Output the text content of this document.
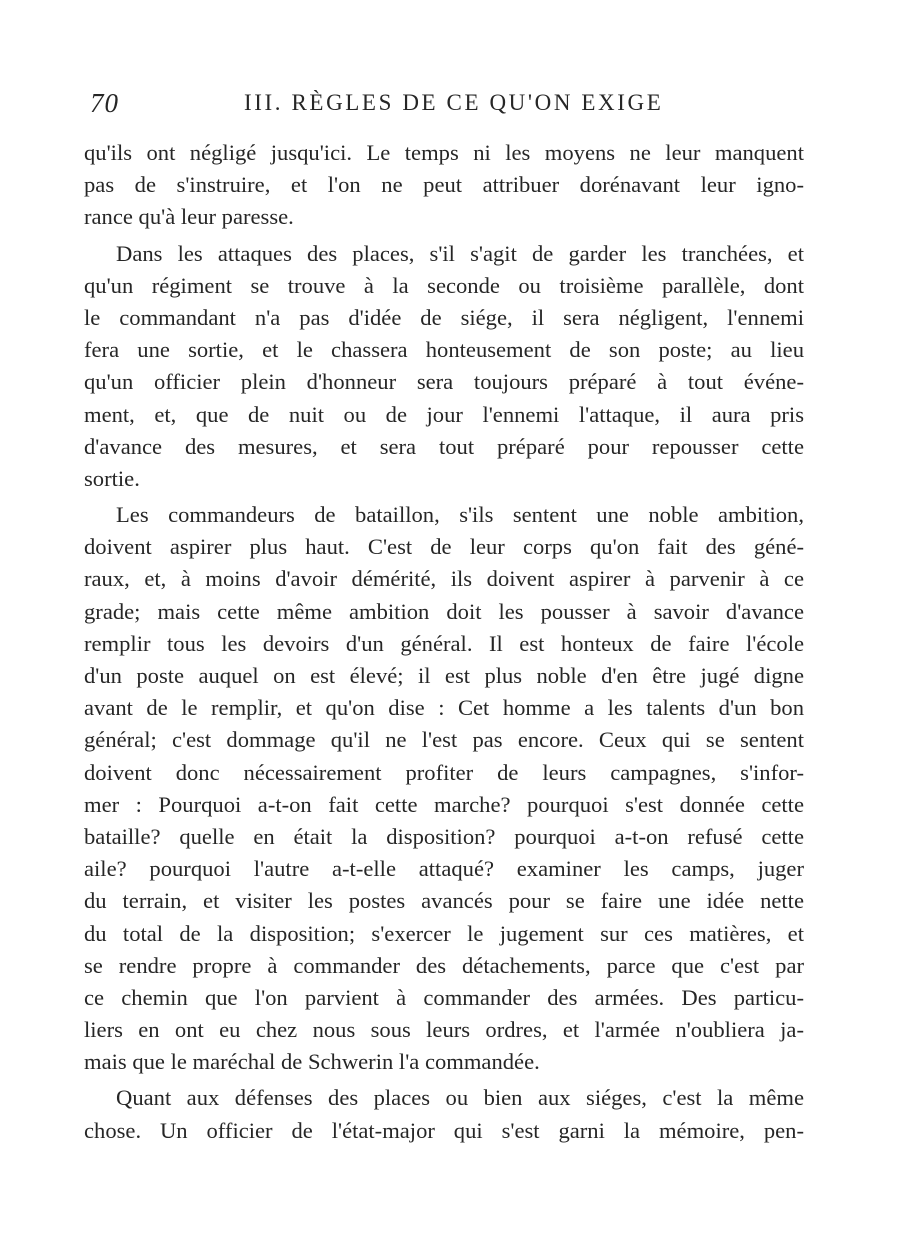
70	III. RÈGLES DE CE QU'ON EXIGE
qu'ils ont négligé jusqu'ici. Le temps ni les moyens ne leur manquent
pas de s'instruire, et l'on ne peut attribuer dorénavant leur igno-
rance qu'à leur paresse.
Dans les attaques des places, s'il s'agit de garder les tranchées, et
qu'un régiment se trouve à la seconde ou troisième parallèle, dont
le commandant n'a pas d'idée de siége, il sera négligent, l'ennemi
fera une sortie, et le chassera honteusement de son poste; au lieu
qu'un officier plein d'honneur sera toujours préparé à tout événe-
ment, et, que de nuit ou de jour l'ennemi l'attaque, il aura pris
d'avance des mesures, et sera tout préparé pour repousser cette
sortie.
Les commandeurs de bataillon, s'ils sentent une noble ambition,
doivent aspirer plus haut. C'est de leur corps qu'on fait des géné-
raux, et, à moins d'avoir démérité, ils doivent aspirer à parvenir à ce
grade; mais cette même ambition doit les pousser à savoir d'avance
remplir tous les devoirs d'un général. Il est honteux de faire l'école
d'un poste auquel on est élevé; il est plus noble d'en être jugé digne
avant de le remplir, et qu'on dise : Cet homme a les talents d'un bon
général; c'est dommage qu'il ne l'est pas encore. Ceux qui se sentent
doivent donc nécessairement profiter de leurs campagnes, s'infor-
mer : Pourquoi a-t-on fait cette marche? pourquoi s'est donnée cette
bataille? quelle en était la disposition? pourquoi a-t-on refusé cette
aile? pourquoi l'autre a-t-elle attaqué? examiner les camps, juger
du terrain, et visiter les postes avancés pour se faire une idée nette
du total de la disposition; s'exercer le jugement sur ces matières, et
se rendre propre à commander des détachements, parce que c'est par
ce chemin que l'on parvient à commander des armées. Des particu-
liers en ont eu chez nous sous leurs ordres, et l'armée n'oubliera ja-
mais que le maréchal de Schwerin l'a commandée.
Quant aux défenses des places ou bien aux siéges, c'est la même
chose. Un officier de l'état-major qui s'est garni la mémoire, pen-
